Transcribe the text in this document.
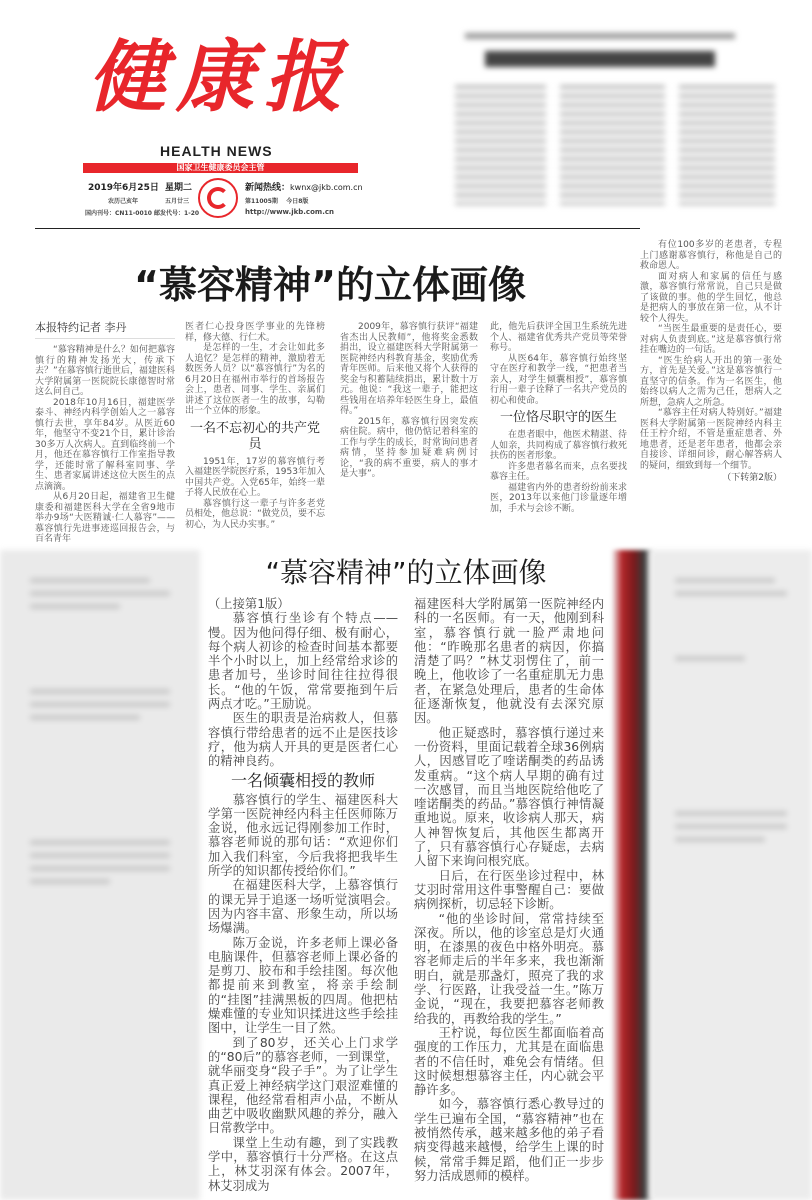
健康报
HEALTH NEWS
国家卫生健康委员会主管
2019年6月25日
农历己亥年
国内刊号：CN11-0010 邮发代号：1-20
星期二
五月廿三
新闻热线：kwnx@jkb.com.cn
第11005期 今日8版
http://www.jkb.com.cn
“慕容精神”的立体画像
本报特约记者 李丹

“慕容精神是什么？如何把慕容慎行的精神发扬光大，传承下去？”在慕容慎行逝世后，福建医科大学附属第一医院院长康德智时常这么问自己。

2018年10月16日，福建医学泰斗、神经内科学创始人之一慕容慎行去世，享年84岁。从医近60年，他坚守不变21个日，累计诊治30多万人次病人。直到临终前一个月，他还在慕容慎行工作室指导教学，还能时常了解科室同事、学生、患者家属讲述这位大医生的点点滴滴。

从6月20日起，福建省卫生健康委和福建医科大学在全省9地市举办9场“大医精诚·仁人慕容”——慕容慎行先进事迹巡回报告会，与百名青年

医者仁心投身医学事业的先锋榜样，修大德、行仁术。

是怎样的一生，才会让如此多人追忆？是怎样的精神，激励着无数医务人员？以“慕容慎行”为名的6月20日在福州市举行的首场报告会上，患者、同事、学生、亲属们讲述了这位医者一生的故事，勾勒出一个立体的形象。

一名不忘初心的共产党员

1951年，17岁的慕容慎行考入福建医学院医疗系，1953年加入中国共产党。入党65年，始终一辈子将人民放在心上。

慕容慎行这一辈子与许多老党员相处，他总说：“做党员，要不忘初心，为人民办实事。”

2009年，慕容慎行获评“福建省杰出人民教师”，他将奖金悉数捐出，设立福建医科大学附属第一医院神经内科教育基金，奖励优秀青年医师。后来他又将个人获得的奖金与积蓄陆续捐出，累计数十万元。他说：“我这一辈子，能把这些钱用在培养年轻医生身上，最值得。”

2015年，慕容慎行因突发疾病住院。病中，他仍惦记着科室的工作与学生的成长，时常询问患者病情，坚持参加疑难病例讨论，“我的病不重要，病人的事才是大事”。

此，他先后获评全国卫生系统先进个人、福建省优秀共产党员等荣誉称号。

从医64年，慕容慎行始终坚守在医疗和教学一线，“把患者当亲人，对学生倾囊相授”，慕容慎行用一辈子诠释了一名共产党员的初心和使命。

一位恪尽职守的医生

在患者眼中，他医术精湛、待人如亲，共同构成了慕容慎行救死扶伤的医者形象。

许多患者慕名而来，点名要找慕容主任。

福建省内外的患者纷纷前来求医，2013年以来他门诊量逐年增加，手术与会诊不断。

有位100多岁的老患者，专程上门感谢慕容慎行，称他是自己的救命恩人。

面对病人和家属的信任与感激，慕容慎行常常说，自己只是做了该做的事。他的学生回忆，他总是把病人的事放在第一位，从不计较个人得失。

“当医生最重要的是责任心，要对病人负责到底。”这是慕容慎行常挂在嘴边的一句话。

“医生给病人开出的第一张处方，首先是关爱。”这是慕容慎行一直坚守的信条。作为一名医生，他始终以病人之需为己任，想病人之所想，急病人之所急。

“慕容主任对病人特别好。”福建医科大学附属第一医院神经内科主任王柠介绍，不管是重症患者、外地患者，还是老年患者，他都会亲自接诊、详细问诊，耐心解答病人的疑问，细致到每一个细节。

（下转第2版）

“慕容精神”的立体画像

（上接第1版）

慕容慎行坐诊有个特点——慢。因为他问得仔细、极有耐心，每个病人初诊的检查时间基本都要半个小时以上，加上经常给求诊的患者加号，坐诊时间往往拉得很长。“他的午饭，常常要拖到午后两点才吃。”王励说。

医生的职责是治病救人，但慕容慎行带给患者的远不止是医技诊疗，他为病人开具的更是医者仁心的精神良药。

一名倾囊相授的教师

慕容慎行的学生、福建医科大学第一医院神经内科主任医师陈万金说，他永远记得刚参加工作时，慕容老师说的那句话：“欢迎你们加入我们科室，今后我将把我毕生所学的知识都传授给你们。”

在福建医科大学，上慕容慎行的课无异于追逐一场听觉演唱会。因为内容丰富、形象生动，所以场场爆满。

陈万金说，许多老师上课必备电脑课件，但慕容老师上课必备的是剪刀、胶布和手绘挂图。每次他都提前来到教室，将亲手绘制的“挂图”挂满黑板的四周。他把枯燥难懂的专业知识揉进这些手绘挂图中，让学生一目了然。

到了80岁，还关心上门求学的“80后”的慕容老师，一到课堂，就华丽变身“段子手”。为了让学生真正爱上神经病学这门艰涩难懂的课程，他经常看相声小品，不断从曲艺中吸收幽默风趣的养分，融入日常教学中。

课堂上生动有趣，到了实践教学中，慕容慎行十分严格。在这点上，林艾羽深有体会。2007年，林艾羽成为

福建医科大学附属第一医院神经内科的一名医师。有一天，他刚到科室，慕容慎行就一脸严肃地问他：“昨晚那名患者的病因，你搞清楚了吗？”林艾羽愣住了，前一晚上，他收诊了一名重症肌无力患者，在紧急处理后，患者的生命体征逐渐恢复，他就没有去深究原因。

他正疑惑时，慕容慎行递过来一份资料，里面记载着全球36例病人，因感冒吃了喹诺酮类的药品诱发重病。“这个病人早期的确有过一次感冒，而且当地医院给他吃了喹诺酮类的药品。”慕容慎行神情凝重地说。原来，收诊病人那天，病人神智恢复后，其他医生都离开了，只有慕容慎行心存疑虑，去病人留下来询问根究底。

日后，在行医坐诊过程中，林艾羽时常用这件事警醒自己：要做病例探析，切忌轻下诊断。

“他的坐诊时间，常常持续至深夜。所以，他的诊室总是灯火通明，在漆黑的夜色中格外明亮。慕容老师走后的半年多来，我也渐渐明白，就是那盏灯，照亮了我的求学、行医路，让我受益一生。”陈万金说，“现在，我要把慕容老师教给我的，再教给我的学生。”

王柠说，每位医生都面临着高强度的工作压力，尤其是在面临患者的不信任时，难免会有情绪。但这时候想想慕容主任，内心就会平静许多。

如今，慕容慎行悉心教导过的学生已遍布全国，“慕容精神”也在被悄然传承，越来越多他的弟子看病变得越来越慢，给学生上课的时候，常常手舞足蹈，他们正一步步努力活成恩师的模样。
